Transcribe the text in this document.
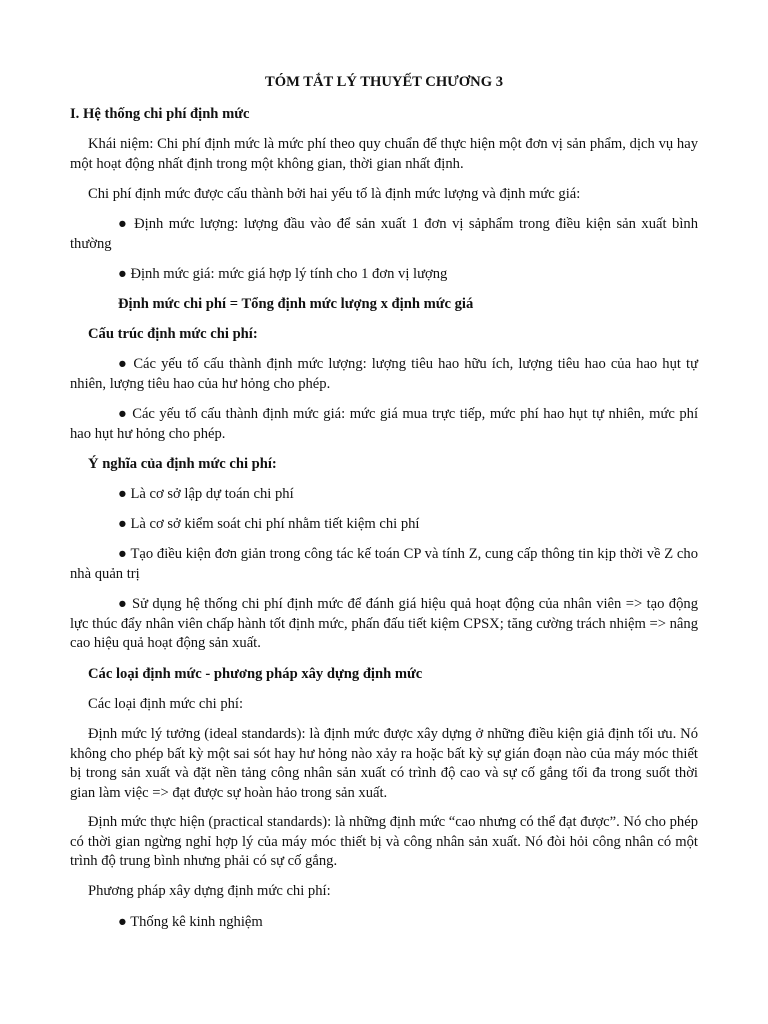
TÓM TẮT LÝ THUYẾT CHƯƠNG 3

I. Hệ thống chi phí định mức

Khái niệm: Chi phí định mức là mức phí theo quy chuẩn để thực hiện một đơn vị sản phẩm, dịch vụ hay một hoạt động nhất định trong một không gian, thời gian nhất định.

Chi phí định mức được cấu thành bởi hai yếu tố là định mức lượng và định mức giá:

● Định mức lượng: lượng đầu vào để sản xuất 1 đơn vị sảphẩm trong điều kiện sản xuất bình thường

● Định mức giá: mức giá hợp lý tính cho 1 đơn vị lượng

Định mức chi phí = Tổng định mức lượng x định mức giá

Cấu trúc định mức chi phí:

● Các yếu tố cấu thành định mức lượng: lượng tiêu hao hữu ích, lượng tiêu hao của hao hụt tự nhiên, lượng tiêu hao của hư hỏng cho phép.

● Các yếu tố cấu thành định mức giá: mức giá mua trực tiếp, mức phí hao hụt tự nhiên, mức phí hao hụt hư hỏng cho phép.

Ý nghĩa của định mức chi phí:

● Là cơ sở lập dự toán chi phí

● Là cơ sở kiểm soát chi phí nhằm tiết kiệm chi phí

● Tạo điều kiện đơn giản trong công tác kế toán CP và tính Z, cung cấp thông tin kịp thời về Z cho nhà quản trị

● Sử dụng hệ thống chi phí định mức để đánh giá hiệu quả hoạt động của nhân viên => tạo động lực thúc đẩy nhân viên chấp hành tốt định mức, phấn đấu tiết kiệm CPSX; tăng cường trách nhiệm => nâng cao hiệu quả hoạt động sản xuất.

Các loại định mức - phương pháp xây dựng định mức

Các loại định mức chi phí:

Định mức lý tưởng (ideal standards): là định mức được xây dựng ở những điều kiện giả định tối ưu. Nó không cho phép bất kỳ một sai sót hay hư hỏng nào xảy ra hoặc bất kỳ sự gián đoạn nào của máy móc thiết bị trong sản xuất và đặt nền tảng công nhân sản xuất có trình độ cao và sự cố gắng tối đa trong suốt thời gian làm việc => đạt được sự hoàn hảo trong sản xuất.

Định mức thực hiện (practical standards): là những định mức “cao nhưng có thể đạt được”. Nó cho phép có thời gian ngừng nghỉ hợp lý của máy móc thiết bị và công nhân sản xuất. Nó đòi hỏi công nhân có một trình độ trung bình nhưng phải có sự cố gắng.

Phương pháp xây dựng định mức chi phí:

● Thống kê kinh nghiệm
